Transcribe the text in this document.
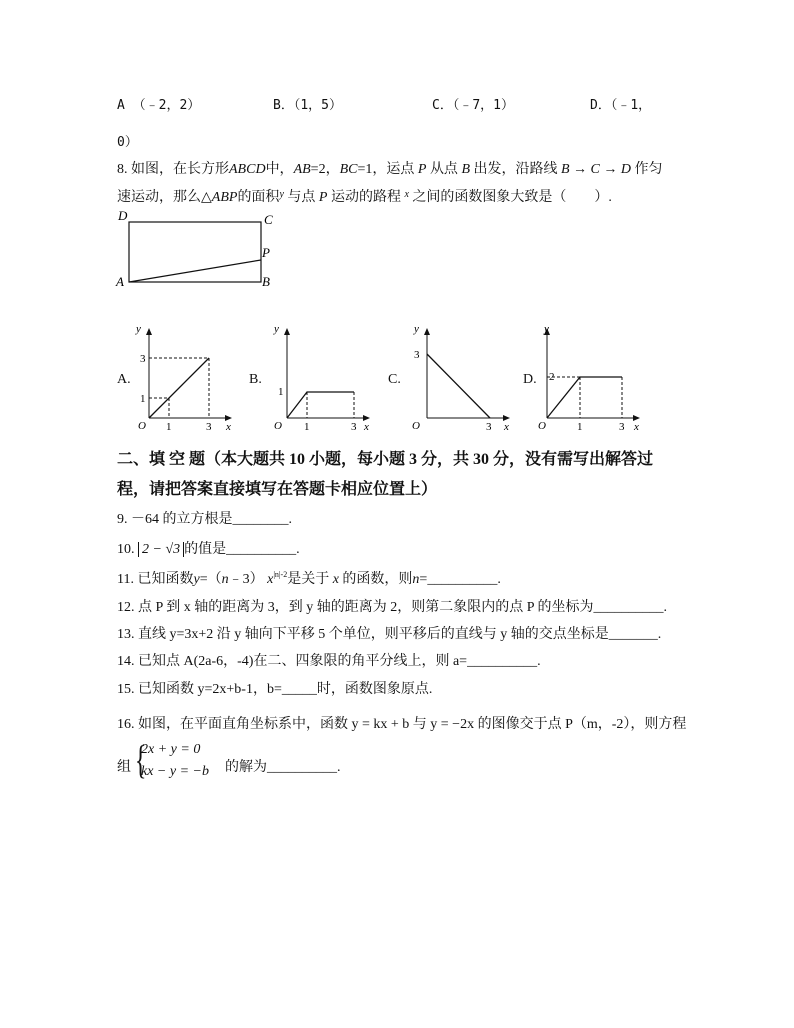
A （﹣2，2）	B．（1，5）	C．（﹣7，1）	D．（﹣1，
0）
8. 如图，在长方形ABCD中，AB=2，BC=1，运点 P 从点 B 出发，沿路线 B → C → D 作匀
速运动，那么△ABP的面积$^y$ 与点 P 运动的路程 $^x$ 之间的函数图象大致是（　　）.
D	C
P
A	B
A.
y
x
O
3
1
1	3
B.
y
x
O
1
1	3
C.
y
x
O
3
3
D.
y
x
O
2
1	3
二、填 空 题（本大题共 10 小题，每小题 3 分，共 30 分，没有需写出解答过
程，请把答案直接填写在答题卡相应位置上）
9. －64 的立方根是________.
10. 2 − √3 的值是__________.
11. 已知函数y=（n﹣3） $x^{|n|-2}$是关于 x 的函数，则n=__________.
12. 点 P 到 x 轴的距离为 3，到 y 轴的距离为 2，则第二象限内的点 P 的坐标为__________.
13. 直线 y=3x+2 沿 y 轴向下平移 5 个单位，则平移后的直线与 y 轴的交点坐标是_______.
14. 已知点 A(2a-6，-4)在二、四象限的角平分线上，则 a=__________.
15. 已知函数 y=2x+b-1，b=_____时，函数图象原点.
16. 如图，在平面直角坐标系中，函数 y = kx + b 与 y = −2x 的图像交于点 P（m，-2），则方程
组 {
2x + y = 0
kx − y = −b 的解为__________.
